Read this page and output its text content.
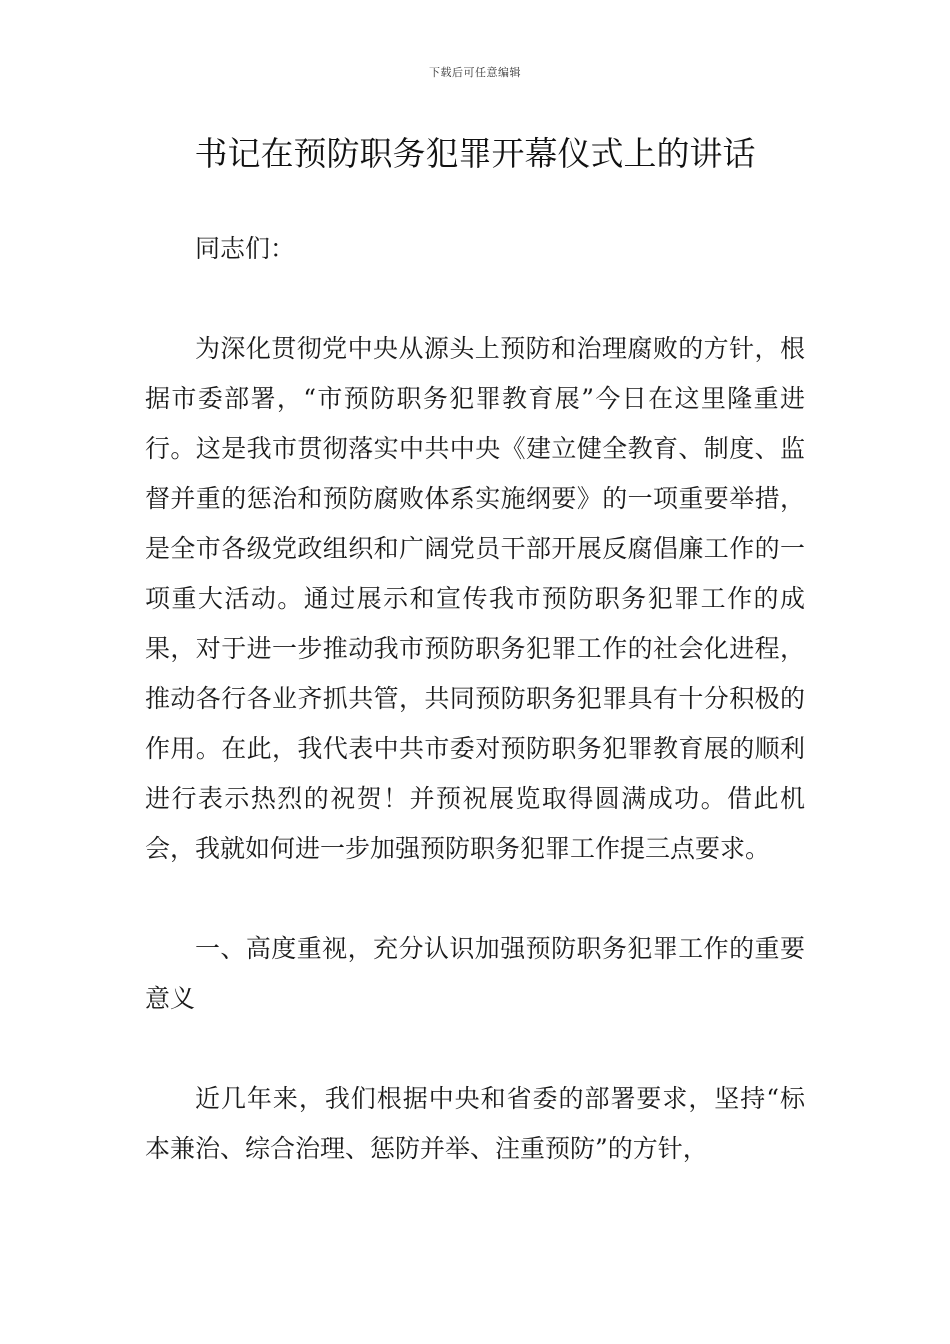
下载后可任意编辑
书记在预防职务犯罪开幕仪式上的讲话

同志们：

为深化贯彻党中央从源头上预防和治理腐败的方针，根据市委部署，“市预防职务犯罪教育展”今日在这里隆重进行。这是我市贯彻落实中共中央《建立健全教育、制度、监督并重的惩治和预防腐败体系实施纲要》的一项重要举措，是全市各级党政组织和广阔党员干部开展反腐倡廉工作的一项重大活动。通过展示和宣传我市预防职务犯罪工作的成果，对于进一步推动我市预防职务犯罪工作的社会化进程，推动各行各业齐抓共管，共同预防职务犯罪具有十分积极的作用。在此，我代表中共市委对预防职务犯罪教育展的顺利进行表示热烈的祝贺！并预祝展览取得圆满成功。借此机会，我就如何进一步加强预防职务犯罪工作提三点要求。

一、高度重视，充分认识加强预防职务犯罪工作的重要意义

近几年来，我们根据中央和省委的部署要求，坚持“标本兼治、综合治理、惩防并举、注重预防”的方针，
